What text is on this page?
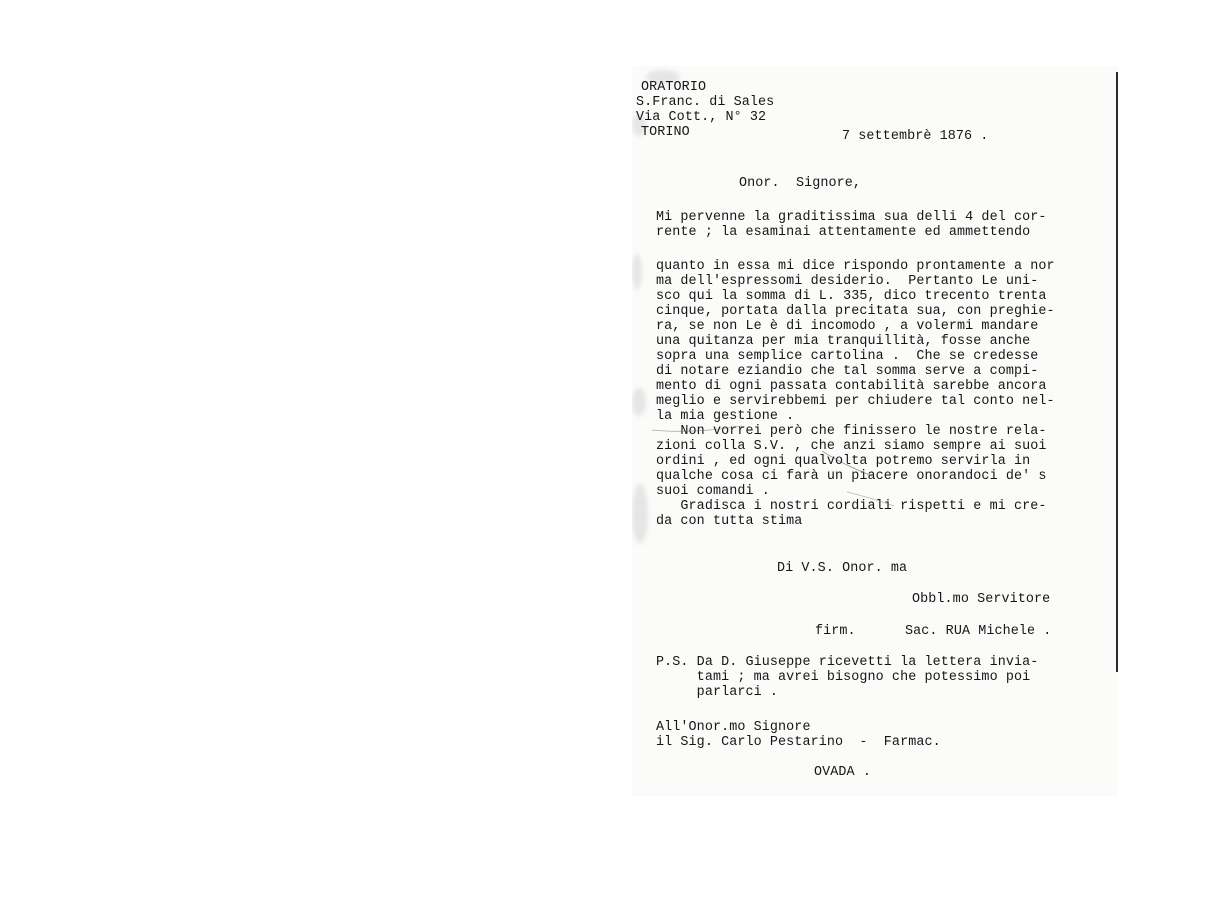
ORATORIO
S.Franc. di Sales
Via Cott., N° 32
TORINO	7 settembrè 1876 .
Onor.  Signore,
Mi pervenne la graditissima sua delli 4 del cor-
rente ; la esaminai attentamente ed ammettendo
quanto in essa mi dice rispondo prontamente a nor
ma dell'espressomi desiderio.  Pertanto Le uni-
sco qui la somma di L. 335, dico trecento trenta
cinque, portata dalla precitata sua, con preghie-
ra, se non Le è di incomodo , a volermi mandare
una quitanza per mia tranquillità, fosse anche
sopra una semplice cartolina .  Che se credesse
di notare eziandio che tal somma serve a compi-
mento di ogni passata contabilità sarebbe ancora
meglio e servirebbemi per chiudere tal conto nel-
la mia gestione .
Non vorrei però che finissero le nostre rela-
zioni colla S.V. , che anzi siamo sempre ai suoi
ordini , ed ogni qualvolta potremo servirla in
qualche cosa ci farà un piacere onorandoci de' s
suoi comandi .
Gradisca i nostri cordiali rispetti e mi cre-
da con tutta stima
Di V.S. Onor. ma
Obbl.mo Servitore
firm.	Sac. RUA Michele .
P.S. Da D. Giuseppe ricevetti la lettera invia-
tami ; ma avrei bisogno che potessimo poi
parlarci .
All'Onor.mo Signore
il Sig. Carlo Pestarino  -  Farmac.
OVADA .
